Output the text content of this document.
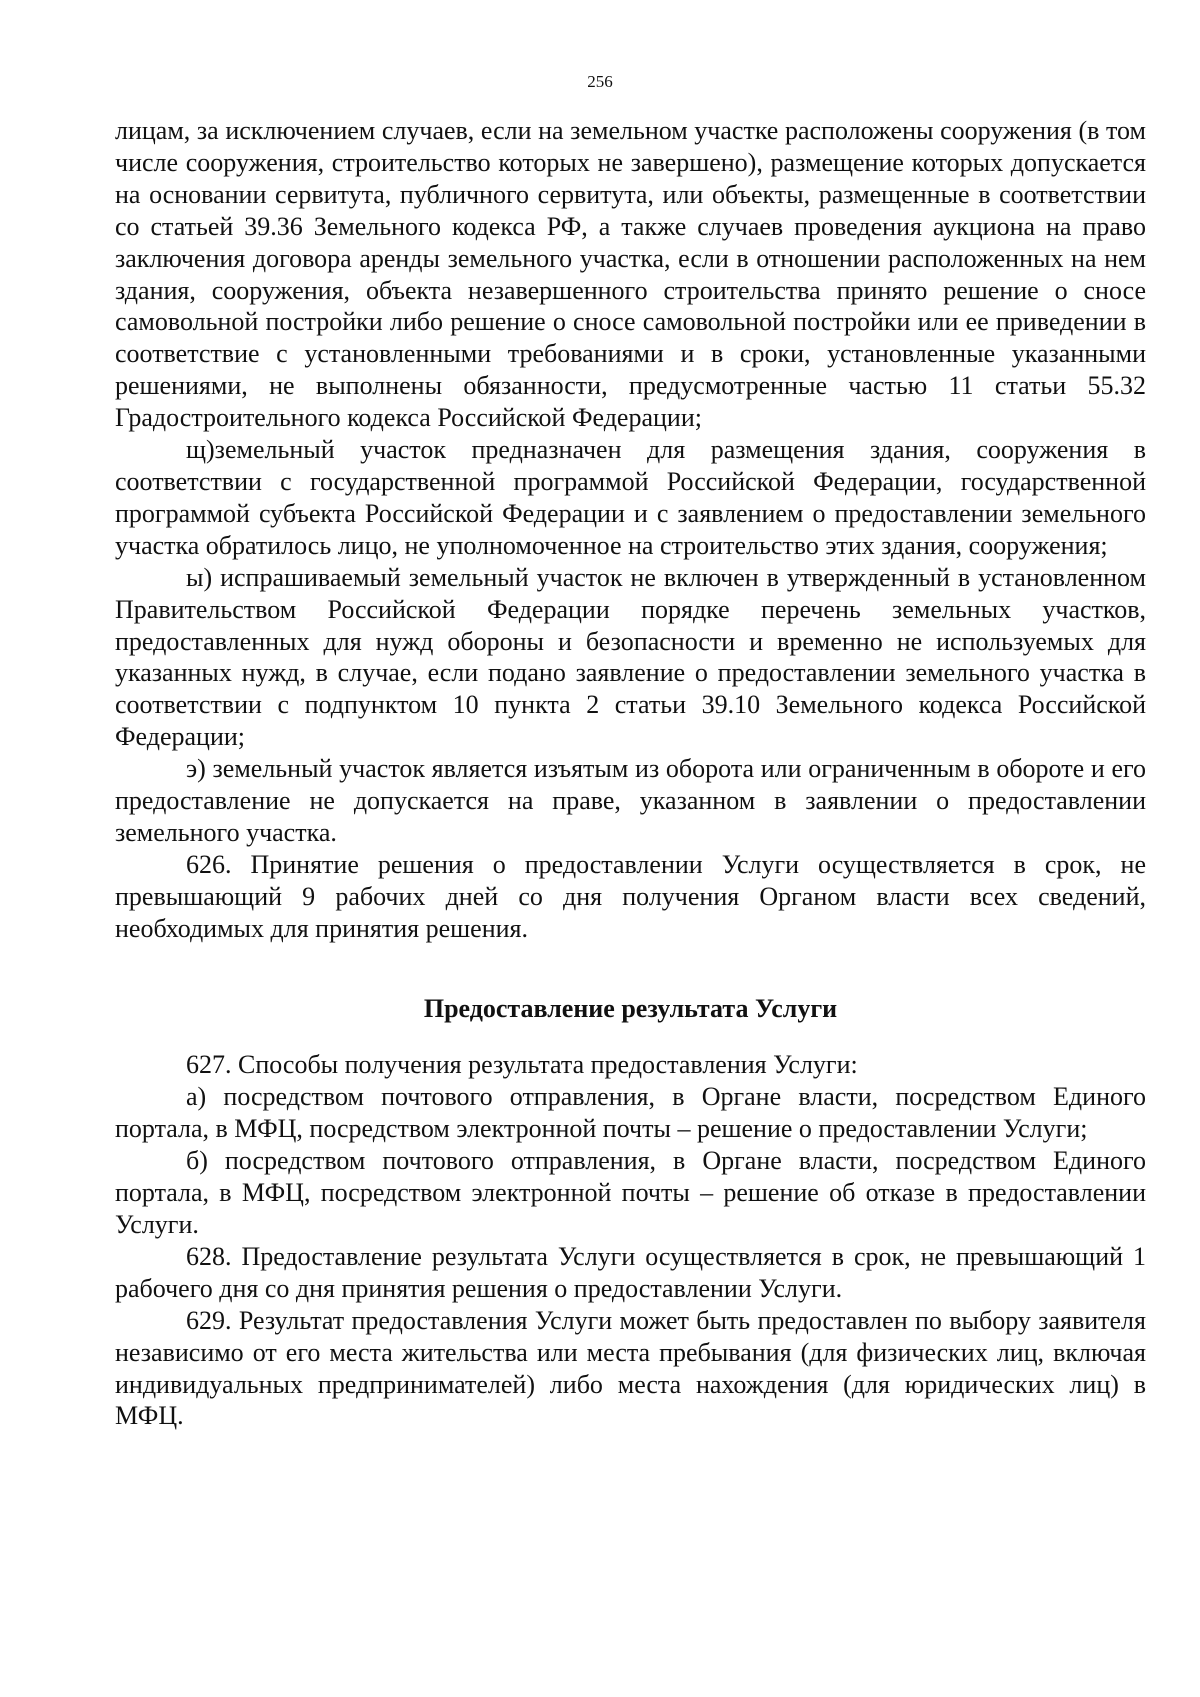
256

лицам, за исключением случаев, если на земельном участке расположены сооружения (в том числе сооружения, строительство которых не завершено), размещение которых допускается на основании сервитута, публичного сервитута, или объекты, размещенные в соответствии со статьей 39.36 Земельного кодекса РФ, а также случаев проведения аукциона на право заключения договора аренды земельного участка, если в отношении расположенных на нем здания, сооружения, объекта незавершенного строительства принято решение о сносе самовольной постройки либо решение о сносе самовольной постройки или ее приведении в соответствие с установленными требованиями и в сроки, установленные указанными решениями, не выполнены обязанности, предусмотренные частью 11 статьи 55.32 Градостроительного кодекса Российской Федерации;

щ)земельный участок предназначен для размещения здания, сооружения в соответствии с государственной программой Российской Федерации, государственной программой субъекта Российской Федерации и с заявлением о предоставлении земельного участка обратилось лицо, не уполномоченное на строительство этих здания, сооружения;

ы) испрашиваемый земельный участок не включен в утвержденный в установленном Правительством Российской Федерации порядке перечень земельных участков, предоставленных для нужд обороны и безопасности и временно не используемых для указанных нужд, в случае, если подано заявление о предоставлении земельного участка в соответствии с подпунктом 10 пункта 2 статьи 39.10 Земельного кодекса Российской Федерации;

э) земельный участок является изъятым из оборота или ограниченным в обороте и его предоставление не допускается на праве, указанном в заявлении о предоставлении земельного участка.

626. Принятие решения о предоставлении Услуги осуществляется в срок, не превышающий 9 рабочих дней со дня получения Органом власти всех сведений, необходимых для принятия решения.

Предоставление результата Услуги

627. Способы получения результата предоставления Услуги:

а) посредством почтового отправления, в Органе власти, посредством Единого портала, в МФЦ, посредством электронной почты – решение о предоставлении Услуги;

б) посредством почтового отправления, в Органе власти, посредством Единого портала, в МФЦ, посредством электронной почты – решение об отказе в предоставлении Услуги.

628. Предоставление результата Услуги осуществляется в срок, не превышающий 1 рабочего дня со дня принятия решения о предоставлении Услуги.

629. Результат предоставления Услуги может быть предоставлен по выбору заявителя независимо от его места жительства или места пребывания (для физических лиц, включая индивидуальных предпринимателей) либо места нахождения (для юридических лиц) в МФЦ.
